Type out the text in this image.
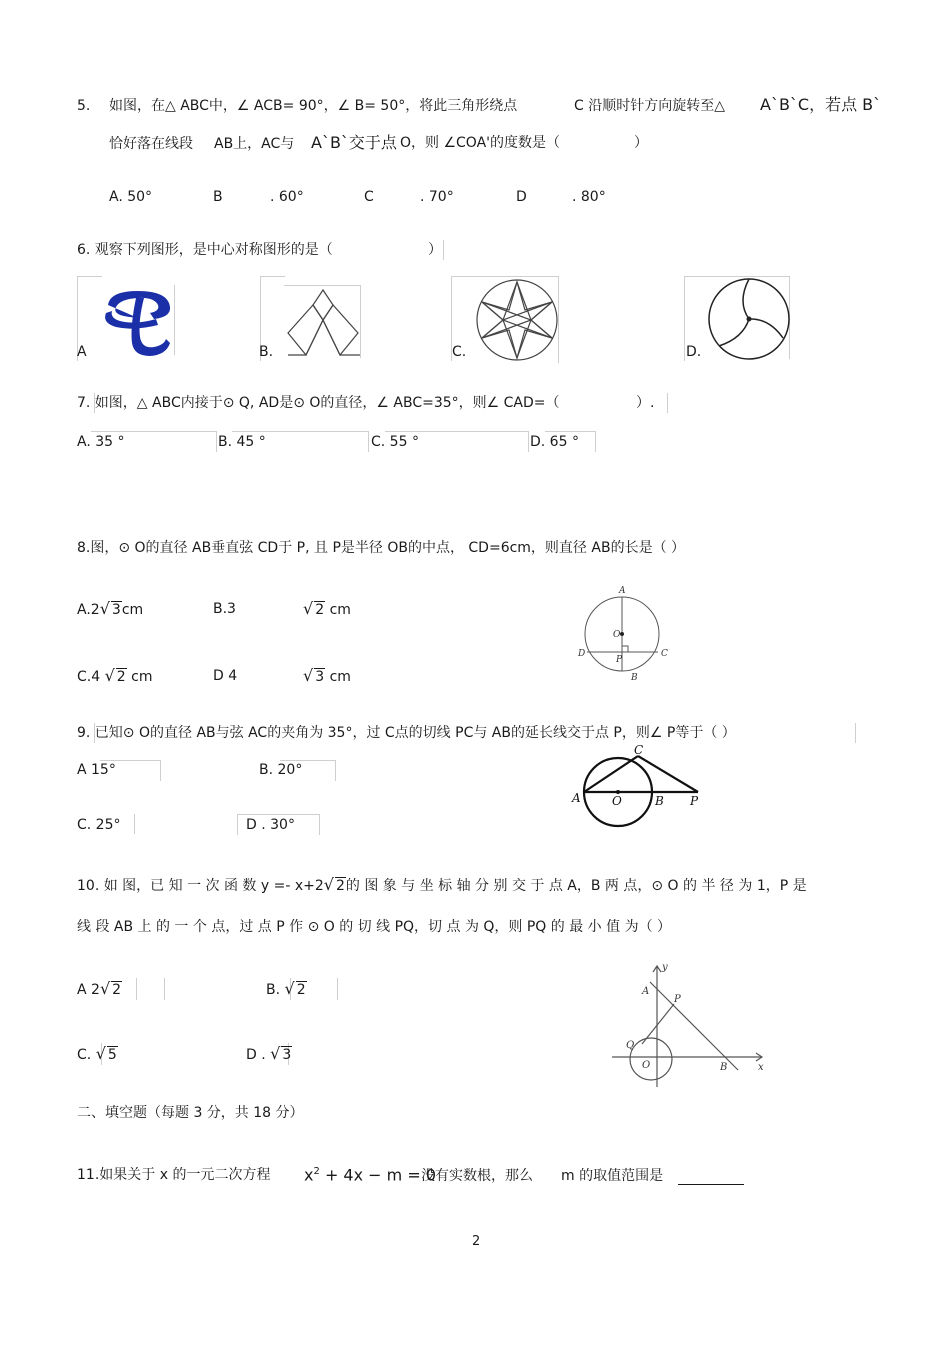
5. 如图，在△ ABC中，∠ ACB= 90°，∠ B= 50°，将此三角形绕点	C 沿顺时针方向旋转至△ A`B`C，若点 B`
恰好落在线段 AB上，AC与 A`B`交于点 O，则 ∠COA'的度数是（	）
A. 50°	B	. 60°	C	. 70°	D	. 80°
6. 观察下列图形，是中心对称图形的是（	）
A	B.	C.	D.
7. 如图，△ ABC内接于⊙ Q, AD是⊙ O的直径，∠ ABC=35°，则∠ CAD=（	）.
A. 35 °	B. 45 °	C. 55 °	D. 65 °
8.图，⊙ O的直径 AB垂直弦 CD于 P, 且 P是半径 OB的中点， CD=6cm，则直径 AB的长是（ ）
A.2√ 3cm	B.3	√ 2 cm
C.4 √ 2 cm	D 4	√ 3 cm
A
O
D	C
P
B
9. 已知⊙ O的直径 AB与弦 AC的夹角为 35°，过 C点的切线 PC与 AB的延长线交于点 P，则∠ P等于（ ）
A 15°	B. 20°
C. 25°	D . 30°
A	O	B P
C
10. 如 图，已 知 一 次 函 数 y =- x+2√ 2的 图 象 与 坐 标 轴 分 别 交 于 点 A，B 两 点，⊙ O 的 半 径 为 1，P 是
线 段 AB 上 的 一 个 点，过 点 P 作 ⊙ O 的 切 线 PQ，切 点 为 Q，则 PQ 的 最 小 值 为（ ）
A 2√ 2	B. √ 2
C. √ 5	D . √ 3
y
A
P
Q
O	B	x
二、填空题（每题 3 分，共 18 分）
11.如果关于 x 的一元二次方程 $x^2 + 4x - m = 0$
没有实数根，那么 m 的取值范围是
2
